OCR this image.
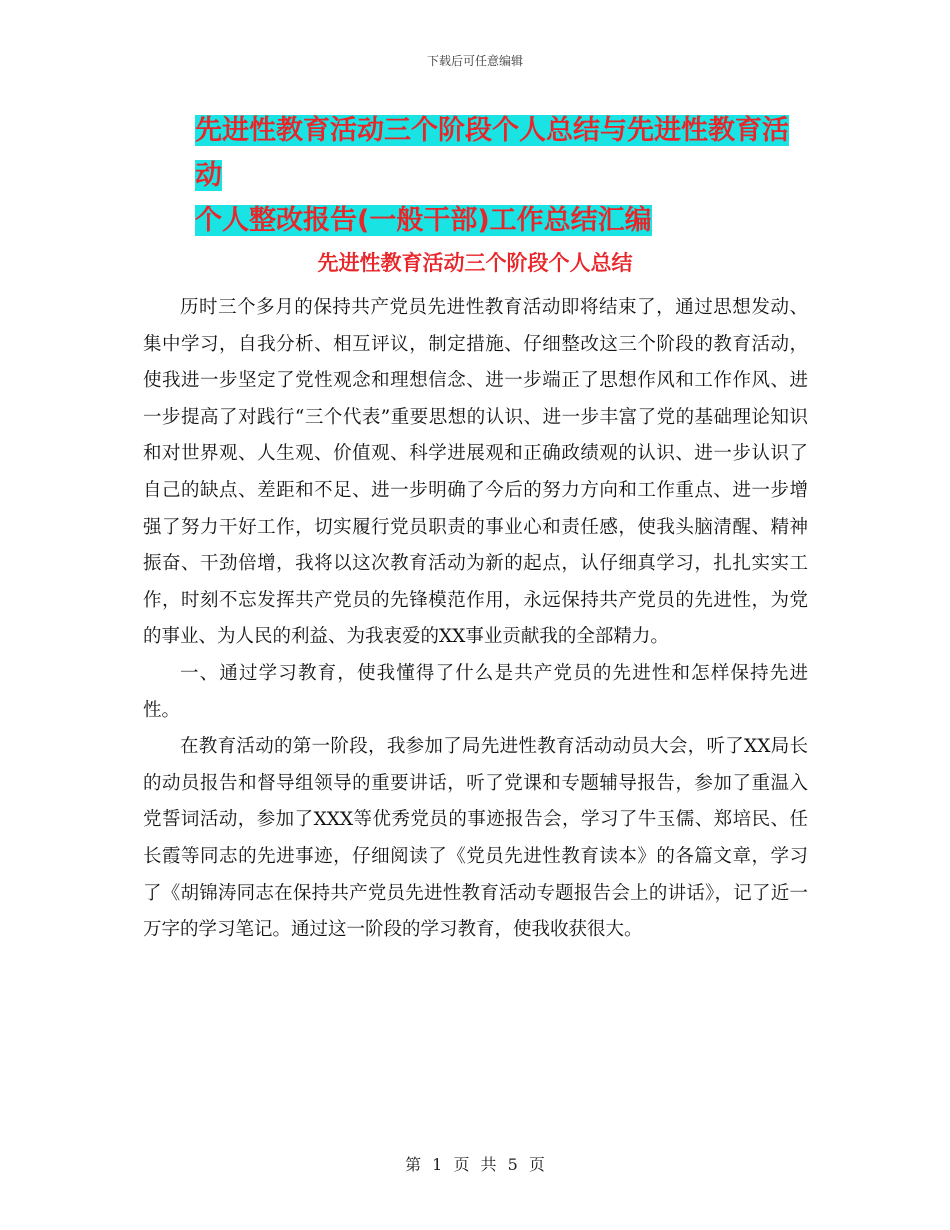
下载后可任意编辑
先进性教育活动三个阶段个人总结与先进性教育活动
个人整改报告(一般干部)工作总结汇编
先进性教育活动三个阶段个人总结

历时三个多月的保持共产党员先进性教育活动即将结束了，通过思想发动、集中学习，自我分析、相互评议，制定措施、仔细整改这三个阶段的教育活动，使我进一步坚定了党性观念和理想信念、进一步端正了思想作风和工作作风、进一步提高了对践行“三个代表”重要思想的认识、进一步丰富了党的基础理论知识和对世界观、人生观、价值观、科学进展观和正确政绩观的认识、进一步认识了自己的缺点、差距和不足、进一步明确了今后的努力方向和工作重点、进一步增强了努力干好工作，切实履行党员职责的事业心和责任感，使我头脑清醒、精神振奋、干劲倍增，我将以这次教育活动为新的起点，认仔细真学习，扎扎实实工作，时刻不忘发挥共产党员的先锋模范作用，永远保持共产党员的先进性，为党的事业、为人民的利益、为我衷爱的XX事业贡献我的全部精力。

一、通过学习教育，使我懂得了什么是共产党员的先进性和怎样保持先进性。

在教育活动的第一阶段，我参加了局先进性教育活动动员大会，听了XX局长的动员报告和督导组领导的重要讲话，听了党课和专题辅导报告，参加了重温入党誓词活动，参加了XXX等优秀党员的事迹报告会，学习了牛玉儒、郑培民、任长霞等同志的先进事迹，仔细阅读了《党员先进性教育读本》的各篇文章，学习了《胡锦涛同志在保持共产党员先进性教育活动专题报告会上的讲话》，记了近一万字的学习笔记。通过这一阶段的学习教育，使我收获很大。

第 1 页 共 5 页
